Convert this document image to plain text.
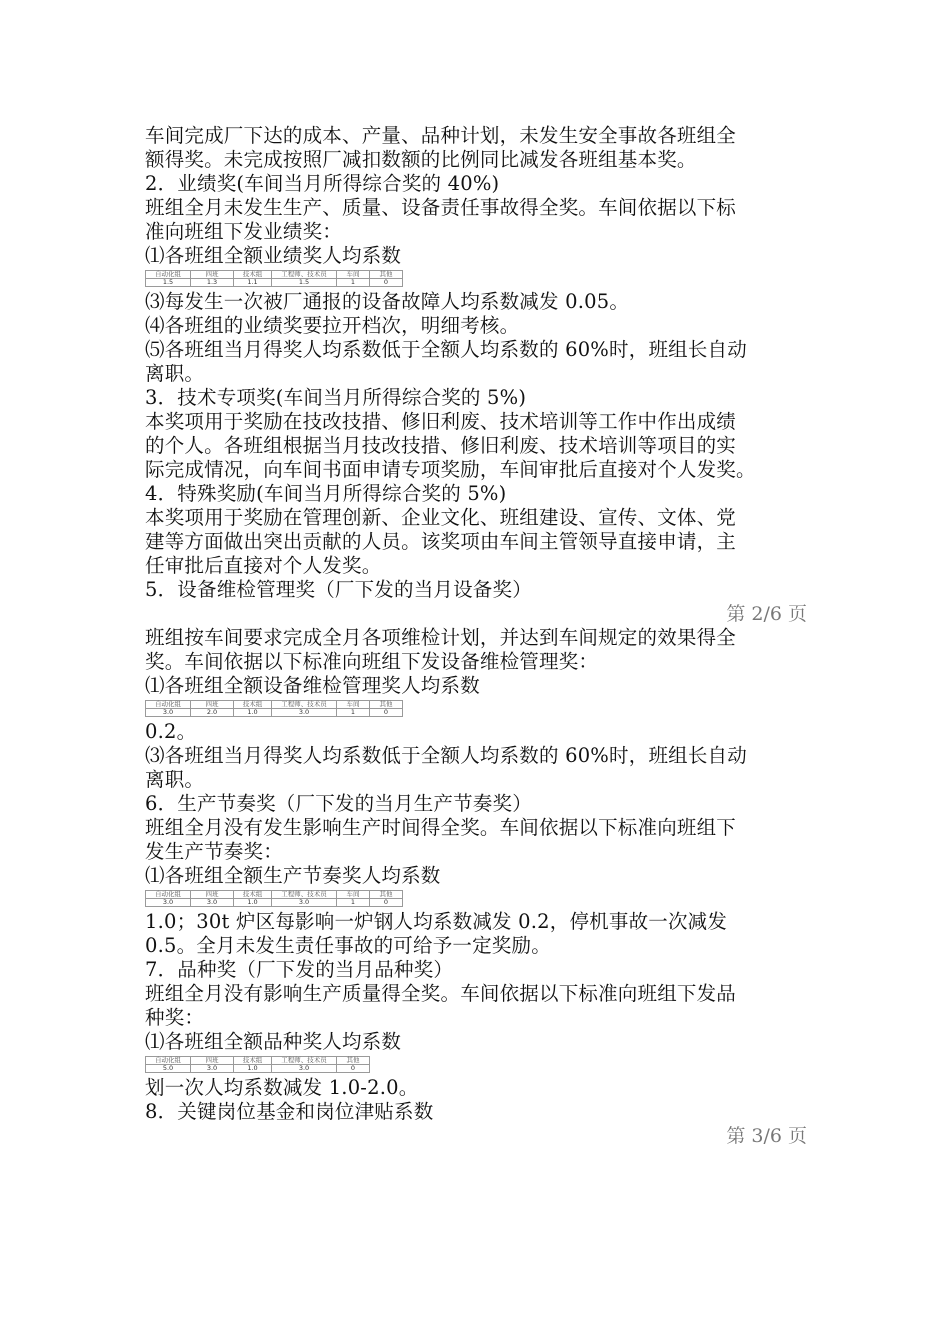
车间完成厂下达的成本、产量、品种计划，未发生安全事故各班组全
额得奖。未完成按照厂减扣数额的比例同比减发各班组基本奖。
2．业绩奖(车间当月所得综合奖的 40%)
班组全月未发生生产、质量、设备责任事故得全奖。车间依据以下标
准向班组下发业绩奖：
⑴各班组全额业绩奖人均系数
自动化组	四班	技术组	工程师、技术员	车间	其他
1.5	1.3	1.1	1.5	1	0
⑶每发生一次被厂通报的设备故障人均系数减发 0.05。
⑷各班组的业绩奖要拉开档次，明细考核。
⑸各班组当月得奖人均系数低于全额人均系数的 60%时，班组长自动
离职。
3．技术专项奖(车间当月所得综合奖的 5%)
本奖项用于奖励在技改技措、修旧利废、技术培训等工作中作出成绩
的个人。各班组根据当月技改技措、修旧利废、技术培训等项目的实
际完成情况，向车间书面申请专项奖励，车间审批后直接对个人发奖。
4．特殊奖励(车间当月所得综合奖的 5%)
本奖项用于奖励在管理创新、企业文化、班组建设、宣传、文体、党
建等方面做出突出贡献的人员。该奖项由车间主管领导直接申请，主
任审批后直接对个人发奖。
5．设备维检管理奖（厂下发的当月设备奖）
第 2/6 页
班组按车间要求完成全月各项维检计划，并达到车间规定的效果得全
奖。车间依据以下标准向班组下发设备维检管理奖：
⑴各班组全额设备维检管理奖人均系数
自动化组	四班	技术组	工程师、技术员	车间	其他
3.0	2.0	1.0	3.0	1	0
0.2。
⑶各班组当月得奖人均系数低于全额人均系数的 60%时，班组长自动
离职。
6．生产节奏奖（厂下发的当月生产节奏奖）
班组全月没有发生影响生产时间得全奖。车间依据以下标准向班组下
发生产节奏奖：
⑴各班组全额生产节奏奖人均系数
自动化组	四班	技术组	工程师、技术员	车间	其他
3.0	3.0	1.0	3.0	1	0
1.0；30t 炉区每影响一炉钢人均系数减发 0.2，停机事故一次减发
0.5。全月未发生责任事故的可给予一定奖励。
7．品种奖（厂下发的当月品种奖）
班组全月没有影响生产质量得全奖。车间依据以下标准向班组下发品
种奖：
⑴各班组全额品种奖人均系数
自动化组	四班	技术组	工程师、技术员	其他
5.0	3.0	1.0	3.0	0
划一次人均系数减发 1.0-2.0。
8．关键岗位基金和岗位津贴系数
第 3/6 页
